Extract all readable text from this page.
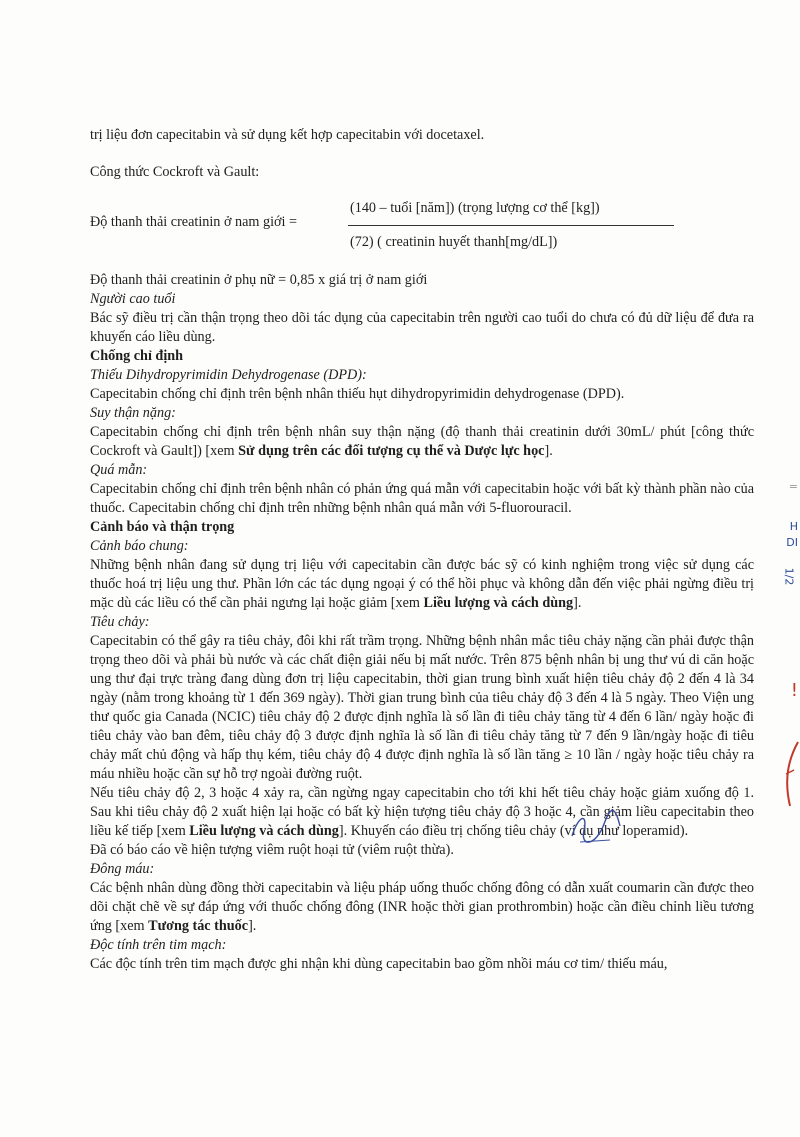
trị liệu đơn capecitabin và sử dụng kết hợp capecitabin với docetaxel.

Công thức Cockroft và Gault:

Độ thanh thải creatinin ở nam giới =
(140 – tuổi [năm]) (trọng lượng cơ thể [kg])
(72) ( creatinin huyết thanh[mg/dL])

Độ thanh thải creatinin ở phụ nữ = 0,85 x giá trị ở nam giới

Người cao tuổi

Bác sỹ điều trị cần thận trọng theo dõi tác dụng của capecitabin trên người cao tuổi do chưa có đủ dữ liệu để đưa ra khuyến cáo liều dùng.

Chống chỉ định

Thiếu Dihydropyrimidin Dehydrogenase (DPD):

Capecitabin chống chỉ định trên bệnh nhân thiếu hụt dihydropyrimidin dehydrogenase (DPD).

Suy thận nặng:

Capecitabin chống chỉ định trên bệnh nhân suy thận nặng (độ thanh thải creatinin dưới 30mL/ phút [công thức Cockroft và Gault]) [xem Sử dụng trên các đối tượng cụ thể và Dược lực học].

Quá mẫn:

Capecitabin chống chỉ định trên bệnh nhân có phản ứng quá mẫn với capecitabin hoặc với bất kỳ thành phần nào của thuốc. Capecitabin chống chỉ định trên những bệnh nhân quá mẫn với 5-fluorouracil.

Cảnh báo và thận trọng

Cảnh báo chung:

Những bệnh nhân đang sử dụng trị liệu với capecitabin cần được bác sỹ có kinh nghiệm trong việc sử dụng các thuốc hoá trị liệu ung thư. Phần lớn các tác dụng ngoại ý có thể hồi phục và không dẫn đến việc phải ngừng điều trị mặc dù các liều có thể cần phải ngưng lại hoặc giảm [xem Liều lượng và cách dùng].

Tiêu chảy:

Capecitabin có thể gây ra tiêu chảy, đôi khi rất trầm trọng. Những bệnh nhân mắc tiêu chảy nặng cần phải được thận trọng theo dõi và phải bù nước và các chất điện giải nếu bị mất nước. Trên 875 bệnh nhân bị ung thư vú di căn hoặc ung thư đại trực tràng đang dùng đơn trị liệu capecitabin, thời gian trung bình xuất hiện tiêu chảy độ 2 đến 4 là 34 ngày (nằm trong khoảng từ 1 đến 369 ngày). Thời gian trung bình của tiêu chảy độ 3 đến 4 là 5 ngày. Theo Viện ung thư quốc gia Canada (NCIC) tiêu chảy độ 2 được định nghĩa là số lần đi tiêu chảy tăng từ 4 đến 6 lần/ ngày hoặc đi tiêu chảy vào ban đêm, tiêu chảy độ 3 được định nghĩa là số lần đi tiêu chảy tăng từ 7 đến 9 lần/ngày hoặc đi tiêu chảy mất chủ động và hấp thụ kém, tiêu chảy độ 4 được định nghĩa là số lần tăng ≥ 10 lần / ngày hoặc tiêu chảy ra máu nhiều hoặc cần sự hỗ trợ ngoài đường ruột.

Nếu tiêu chảy độ 2, 3 hoặc 4 xảy ra, cần ngừng ngay capecitabin cho tới khi hết tiêu chảy hoặc giảm xuống độ 1. Sau khi tiêu chảy độ 2 xuất hiện lại hoặc có bất kỳ hiện tượng tiêu chảy độ 3 hoặc 4, cần giảm liều capecitabin theo liều kế tiếp [xem Liều lượng và cách dùng]. Khuyến cáo điều trị chống tiêu chảy (ví dụ như loperamid).

Đã có báo cáo về hiện tượng viêm ruột hoại tử (viêm ruột thừa).

Đông máu:

Các bệnh nhân dùng đồng thời capecitabin và liệu pháp uống thuốc chống đông có dẫn xuất coumarin cần được theo dõi chặt chẽ về sự đáp ứng với thuốc chống đông (INR hoặc thời gian prothrombin) hoặc cần điều chỉnh liều tương ứng [xem Tương tác thuốc].

Độc tính trên tim mạch:

Các độc tính trên tim mạch được ghi nhận khi dùng capecitabin bao gồm nhồi máu cơ tim/ thiếu máu,

=
H
DI
1/2
!
